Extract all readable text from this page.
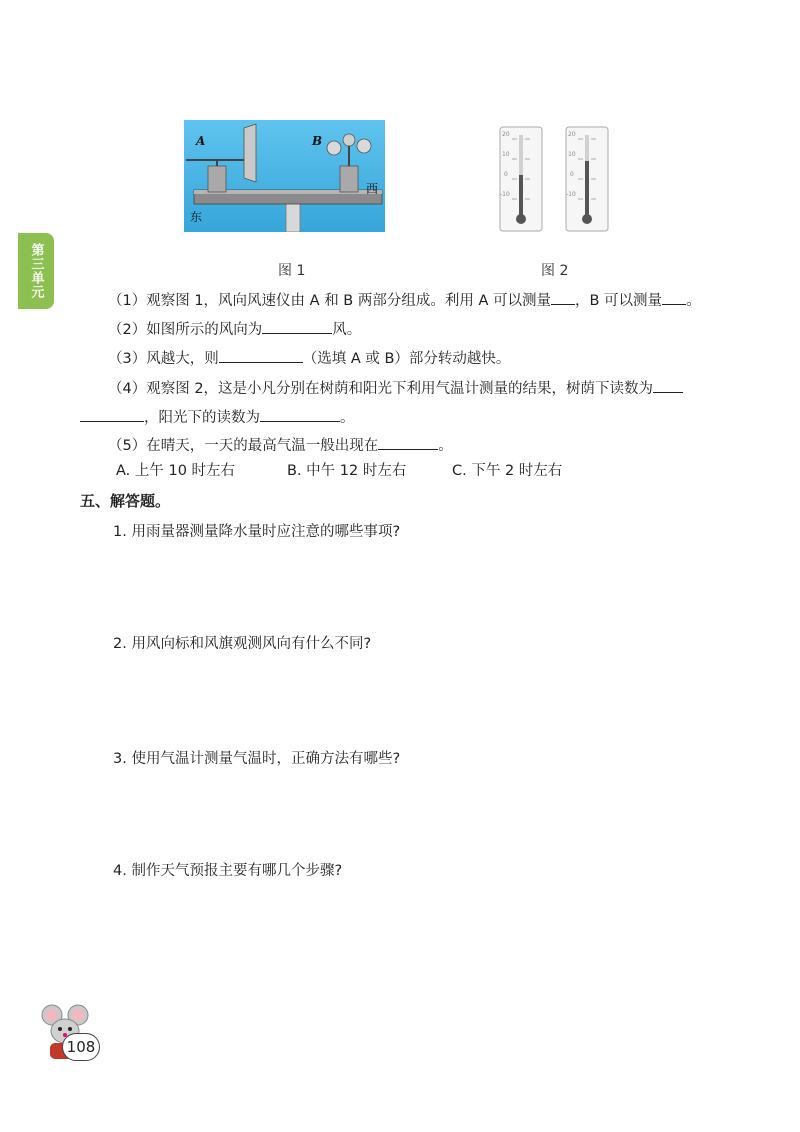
第三单元
A	B
东
西
20
10
0
-10
20
10
0
-10
图 1	图 2
（1）观察图 1，风向风速仪由 A 和 B 两部分组成。利用 A 可以测量 ，B 可以测量 。
（2）如图所示的风向为	风。
（3）风越大，则	（选填 A 或 B）部分转动越快。
（4）观察图 2，这是小凡分别在树荫和阳光下利用气温计测量的结果，树荫下读数为
，阳光下的读数为	。
（5）在晴天，一天的最高气温一般出现在	。
A. 上午 10 时左右	B. 中午 12 时左右	C. 下午 2 时左右
五、解答题。
1. 用雨量器测量降水量时应注意的哪些事项?
2. 用风向标和风旗观测风向有什么不同?
3. 使用气温计测量气温时，正确方法有哪些?
4. 制作天气预报主要有哪几个步骤?
108
